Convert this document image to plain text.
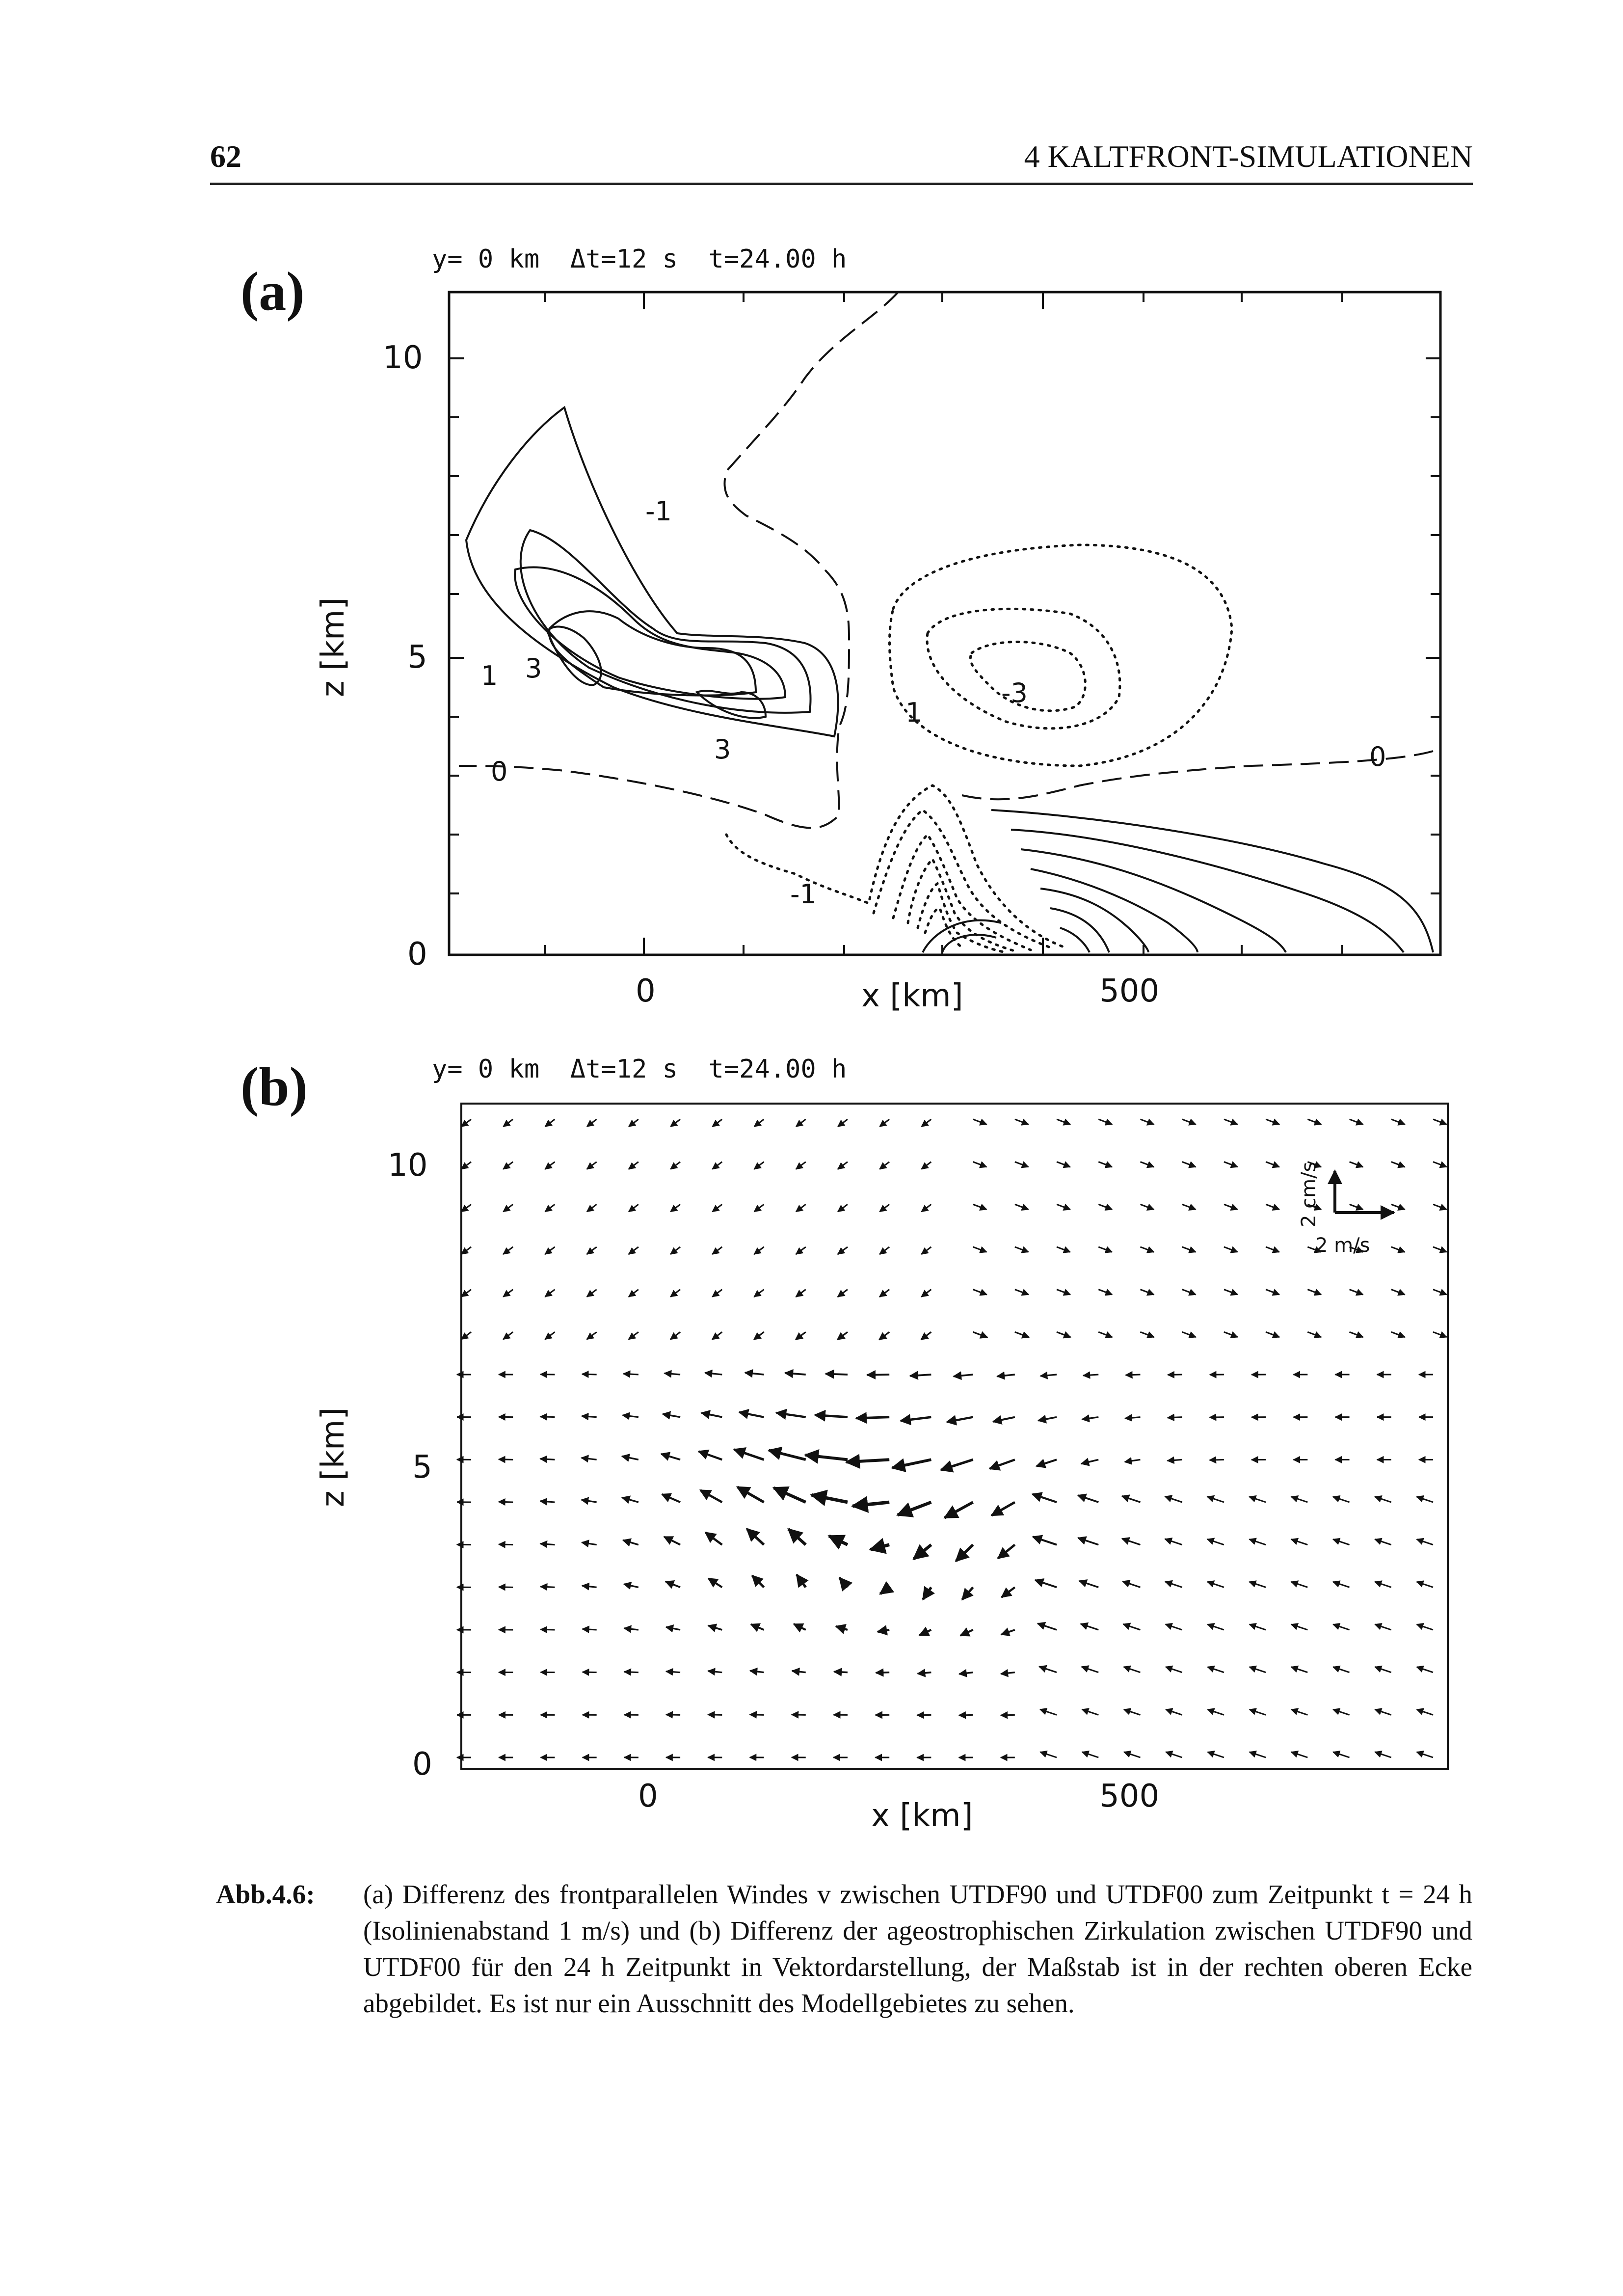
62	4 KALTFRONT-SIMULATIONEN
(a)
y= 0 km  Δt=12 s  t=24.00 h
0
1 3
3
-3
1
0
-1
-1
10
5
0
0	500
x [km]
z [km]
(b)	y= 0 km  Δt=12 s  t=24.00 h
2 cm/s
2 m/s
10
5
0
0	500
x [km]
z [km]
Abb.4.6: (a) Differenz des frontparallelen Windes v zwischen UTDF90 und UTDF00 zum Zeitpunkt t = 24 h (Isolinienabstand 1 m/s) und (b) Differenz der ageostrophischen Zirkulation zwischen UTDF90 und UTDF00 für den 24 h Zeitpunkt in Vektordarstellung, der Maßstab ist in der rechten oberen Ecke abgebildet. Es ist nur ein Ausschnitt des Modellgebietes zu sehen.
